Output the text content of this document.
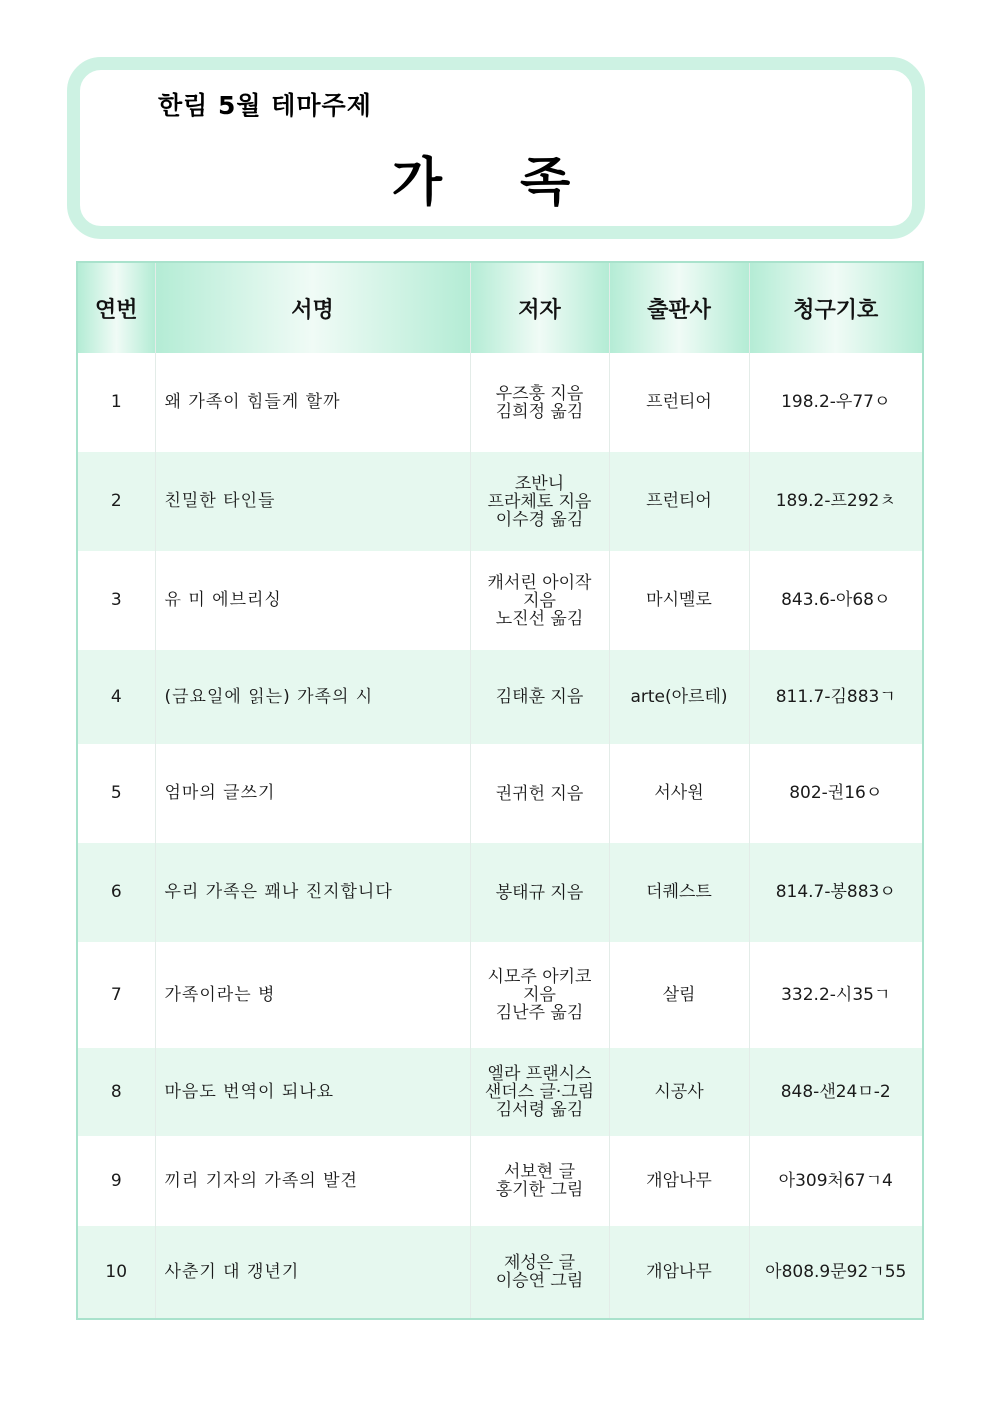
한림 5월 테마주제
가 족
연번	서명	저자	출판사	청구기호
1	왜 가족이 힘들게 할까	우즈훙 지음
김희정 옮김	프런티어	198.2-우77ㅇ
2	친밀한 타인들	조반니
프라체토 지음
이수경 옮김	프런티어	189.2-프292ㅊ
3	유 미 에브리싱	캐서린 아이작
지음
노진선 옮김	마시멜로	843.6-아68ㅇ
4	(금요일에 읽는) 가족의 시	김태훈 지음	arte(아르테)	811.7-김883ㄱ
5	엄마의 글쓰기	권귀헌 지음	서사원	802-권16ㅇ
6	우리 가족은 꽤나 진지합니다	봉태규 지음	더퀘스트	814.7-봉883ㅇ
7	가족이라는 병	시모주 아키코
지음
김난주 옮김	살림	332.2-시35ㄱ
8	마음도 번역이 되나요	엘라 프랜시스
샌더스 글·그림
김서령 옮김	시공사	848-샌24ㅁ-2
9	끼리 기자의 가족의 발견	서보현 글
홍기한 그림	개암나무	아309처67ㄱ4
10	사춘기 대 갱년기	제성은 글
이승연 그림	개암나무	아808.9문92ㄱ55
